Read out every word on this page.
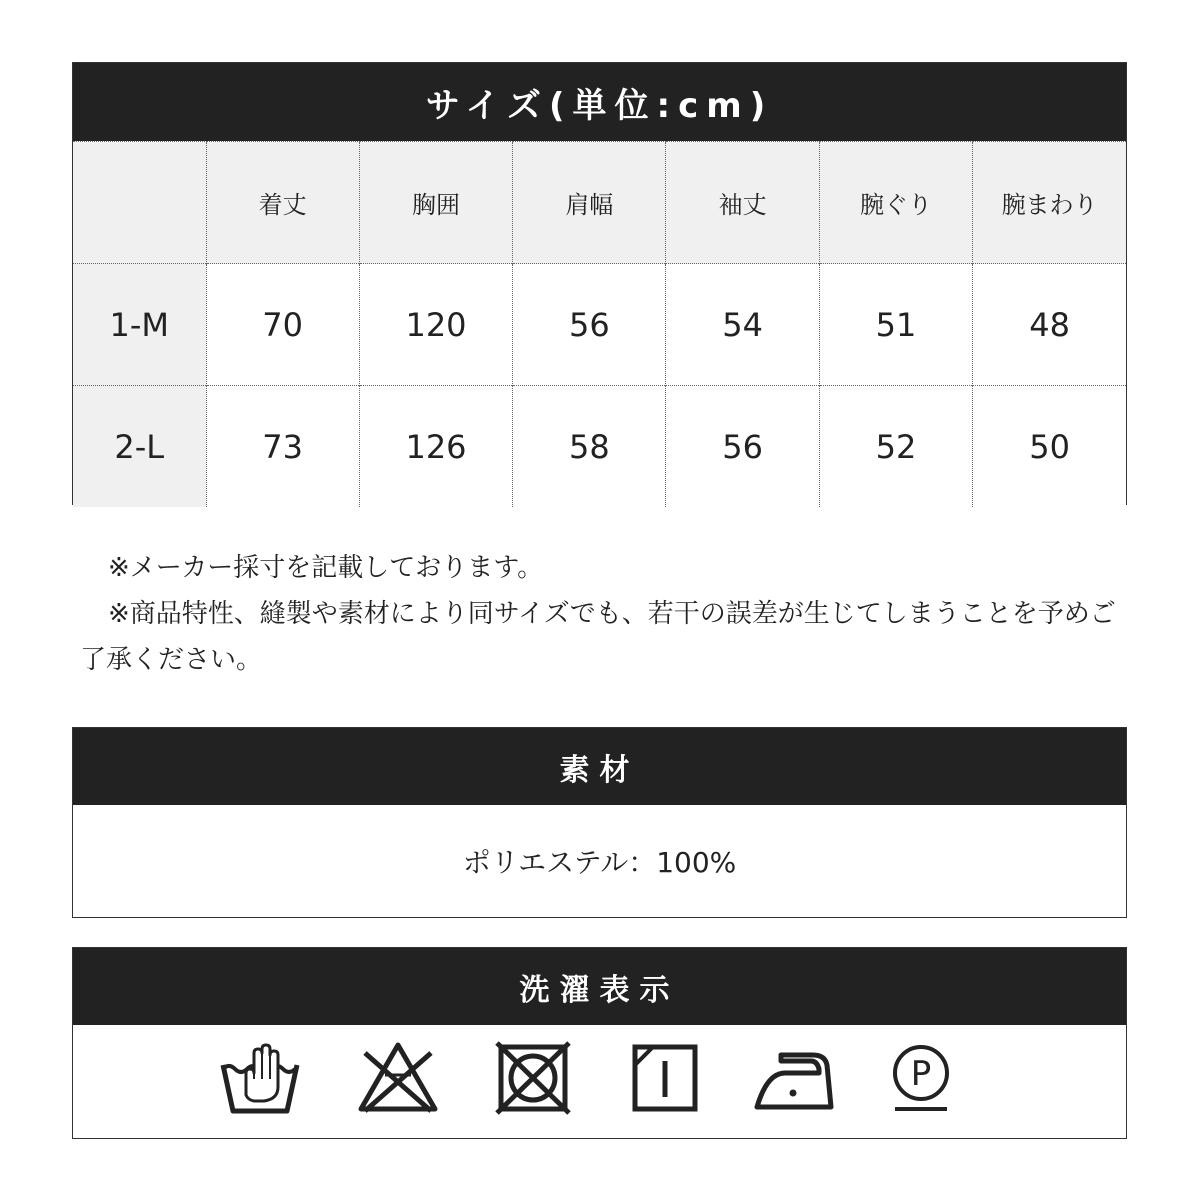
サイズ(単位:cm)
	着丈	胸囲	肩幅	袖丈	腕ぐり	腕まわり
1-M	70	120	56	54	51	48
2-L	73	126	58	56	52	50

※メーカー採寸を記載しております。

※商品特性、縫製や素材により同サイズでも、若干の誤差が生じてしまうことを予めご了承ください。

素材
ポリエステル：100%
洗濯表示
P
